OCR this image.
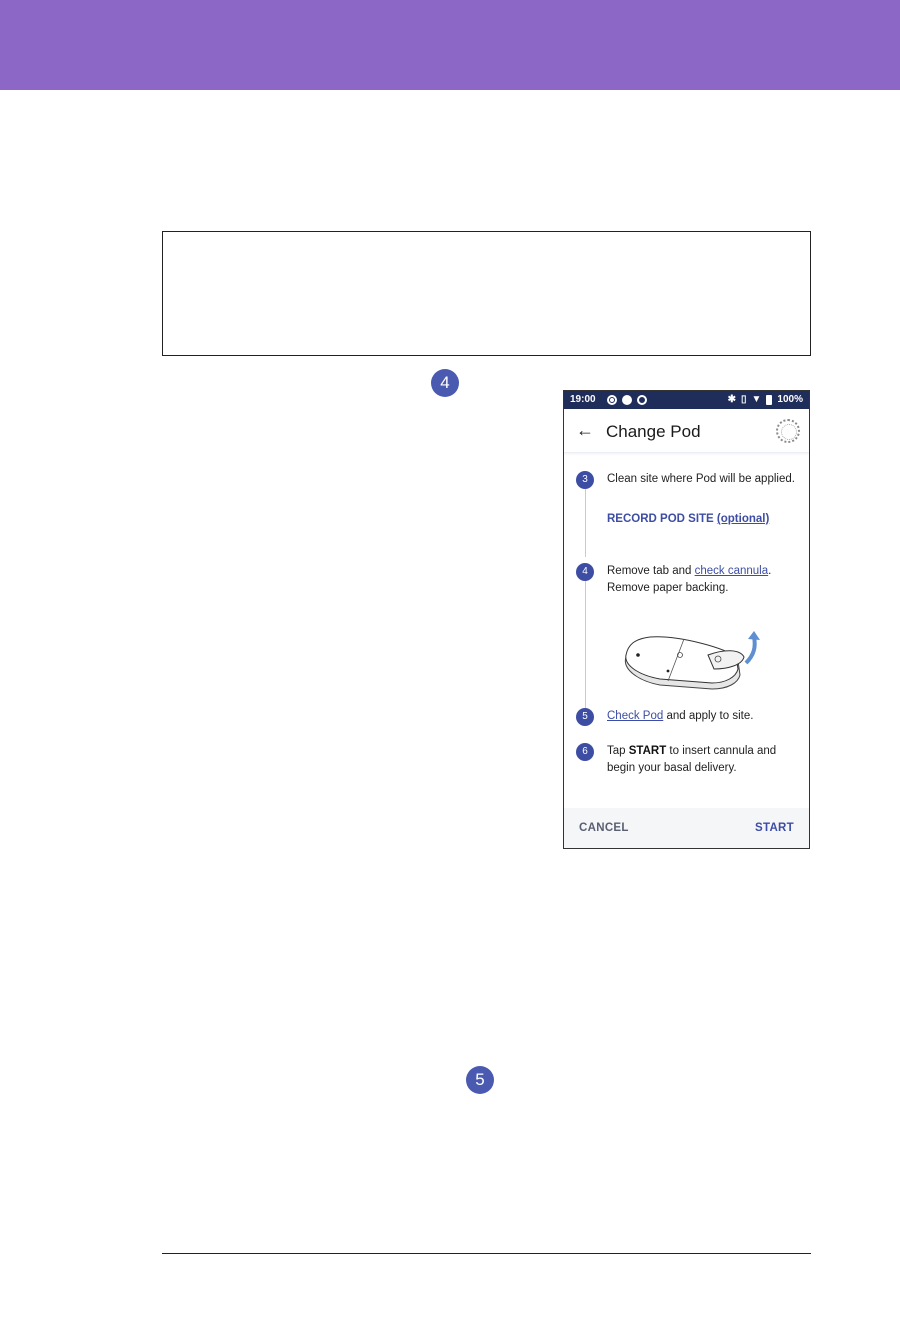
4
19:00	✱ ▯ ▼ 100%
← Change Pod
3	Clean site where Pod will be applied.
RECORD POD SITE (optional)
4	Remove tab and check cannula.
Remove paper backing.
5	Check Pod and apply to site.
6	Tap START to insert cannula and begin your basal delivery.
CANCEL	START
5
